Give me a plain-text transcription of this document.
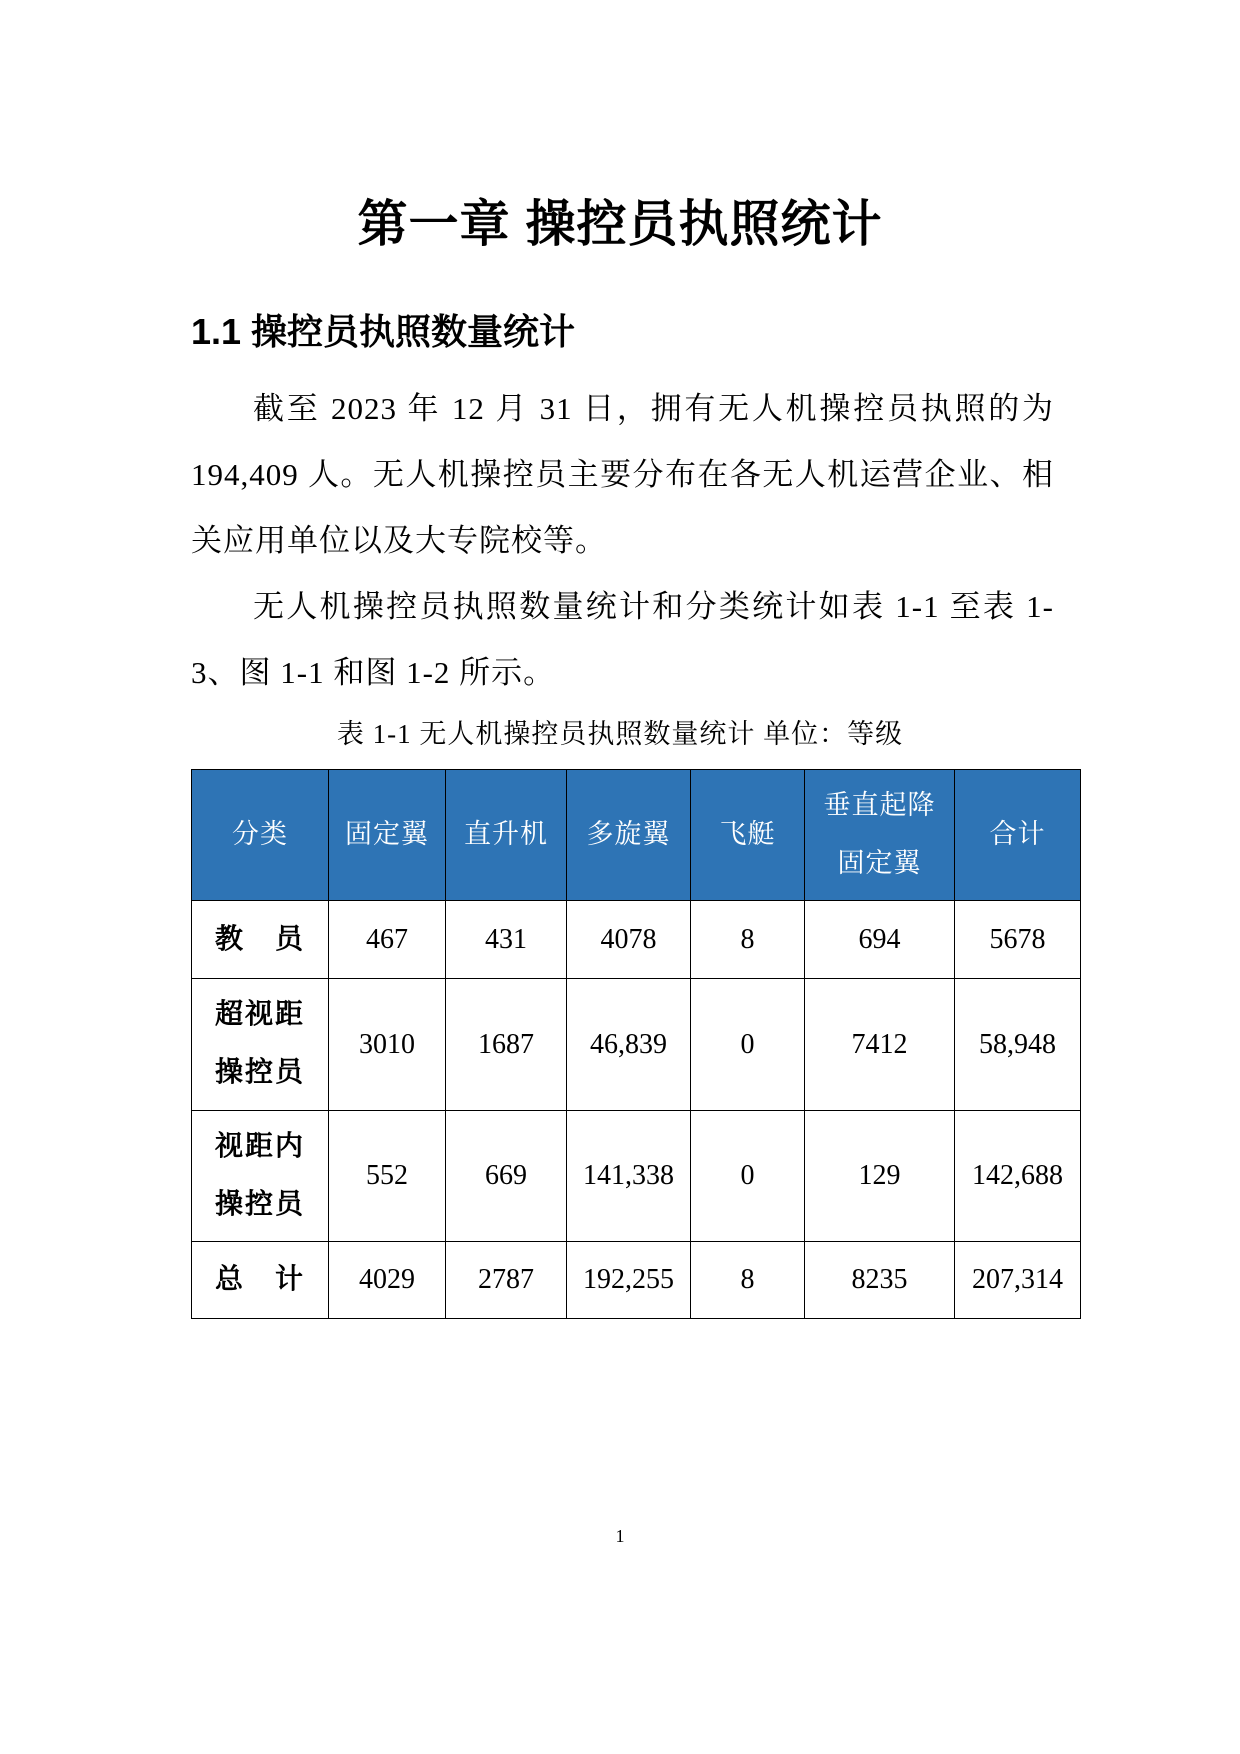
第一章 操控员执照统计
1.1 操控员执照数量统计

截至 2023 年 12 月 31 日，拥有无人机操控员执照的为 194,409 人。无人机操控员主要分布在各无人机运营企业、相关应用单位以及大专院校等。

无人机操控员执照数量统计和分类统计如表 1-1 至表 1-3、图 1-1 和图 1-2 所示。

表 1-1 无人机操控员执照数量统计 单位：等级
分类	固定翼	直升机	多旋翼	飞艇	垂直起降固定翼	合计
教　员	467	431	4078	8	694	5678
超视距操控员	3010	1687	46,839	0	7412	58,948
视距内操控员	552	669	141,338	0	129	142,688
总　计	4029	2787	192,255	8	8235	207,314
1
